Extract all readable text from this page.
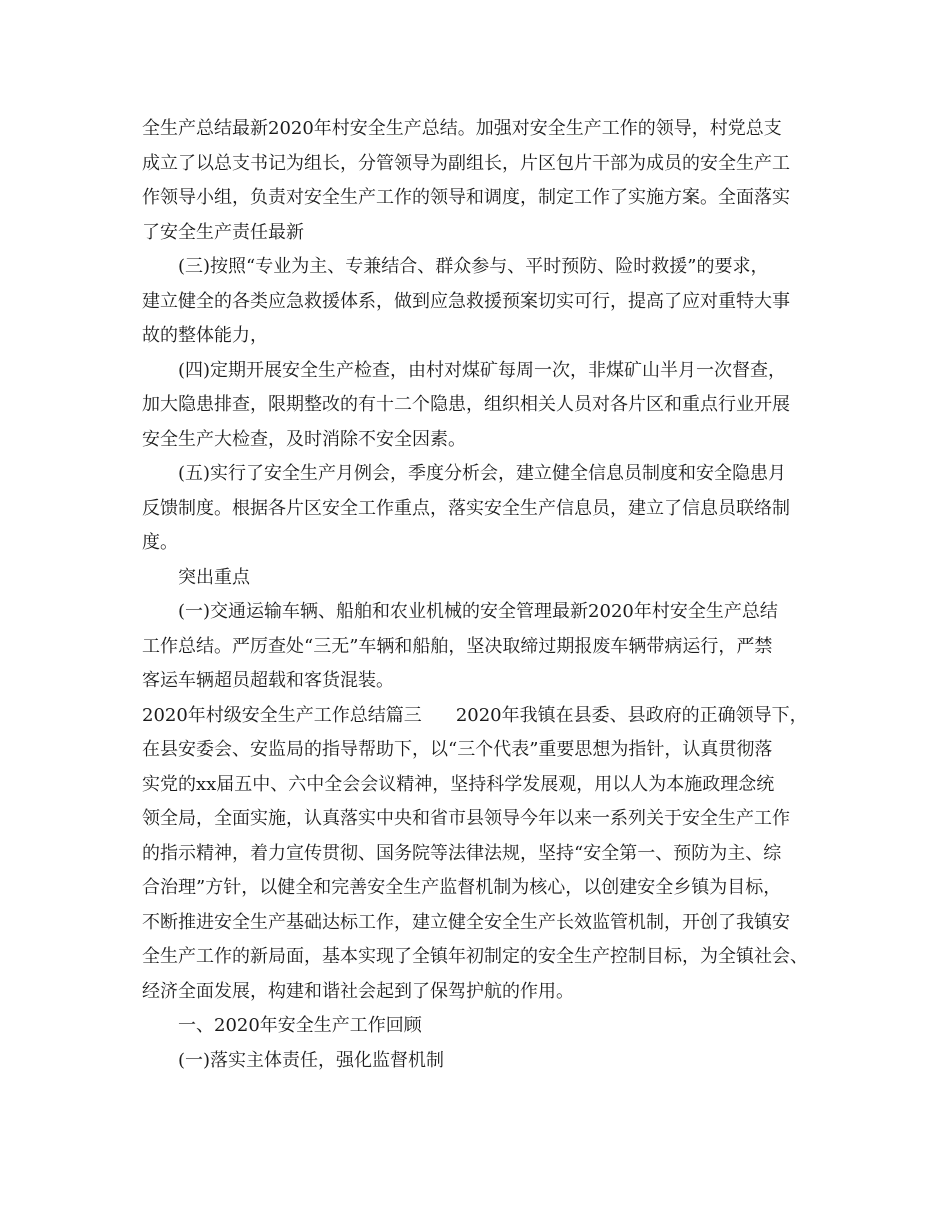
全生产总结最新2020年村安全生产总结。加强对安全生产工作的领导，村党总支
成立了以总支书记为组长，分管领导为副组长，片区包片干部为成员的安全生产工
作领导小组，负责对安全生产工作的领导和调度，制定工作了实施方案。全面落实
了安全生产责任最新
(三)按照“专业为主、专兼结合、群众参与、平时预防、险时救援”的要求，
建立健全的各类应急救援体系，做到应急救援预案切实可行，提高了应对重特大事
故的整体能力，
(四)定期开展安全生产检查，由村对煤矿每周一次，非煤矿山半月一次督查，
加大隐患排查，限期整改的有十二个隐患，组织相关人员对各片区和重点行业开展
安全生产大检查，及时消除不安全因素。
(五)实行了安全生产月例会，季度分析会，建立健全信息员制度和安全隐患月
反馈制度。根据各片区安全工作重点，落实安全生产信息员，建立了信息员联络制
度。
突出重点
(一)交通运输车辆、船舶和农业机械的安全管理最新2020年村安全生产总结
工作总结。严厉查处“三无”车辆和船舶，坚决取缔过期报废车辆带病运行，严禁
客运车辆超员超载和客货混装。
2020年村级安全生产工作总结篇三 2020年我镇在县委、县政府的正确领导下，
在县安委会、安监局的指导帮助下，以“三个代表”重要思想为指针，认真贯彻落
实党的xx届五中、六中全会会议精神，坚持科学发展观，用以人为本施政理念统
领全局，全面实施，认真落实中央和省市县领导今年以来一系列关于安全生产工作
的指示精神，着力宣传贯彻、国务院等法律法规，坚持“安全第一、预防为主、综
合治理”方针，以健全和完善安全生产监督机制为核心，以创建安全乡镇为目标，
不断推进安全生产基础达标工作，建立健全安全生产长效监管机制，开创了我镇安
全生产工作的新局面，基本实现了全镇年初制定的安全生产控制目标，为全镇社会、
经济全面发展，构建和谐社会起到了保驾护航的作用。
一、2020年安全生产工作回顾
(一)落实主体责任，强化监督机制
